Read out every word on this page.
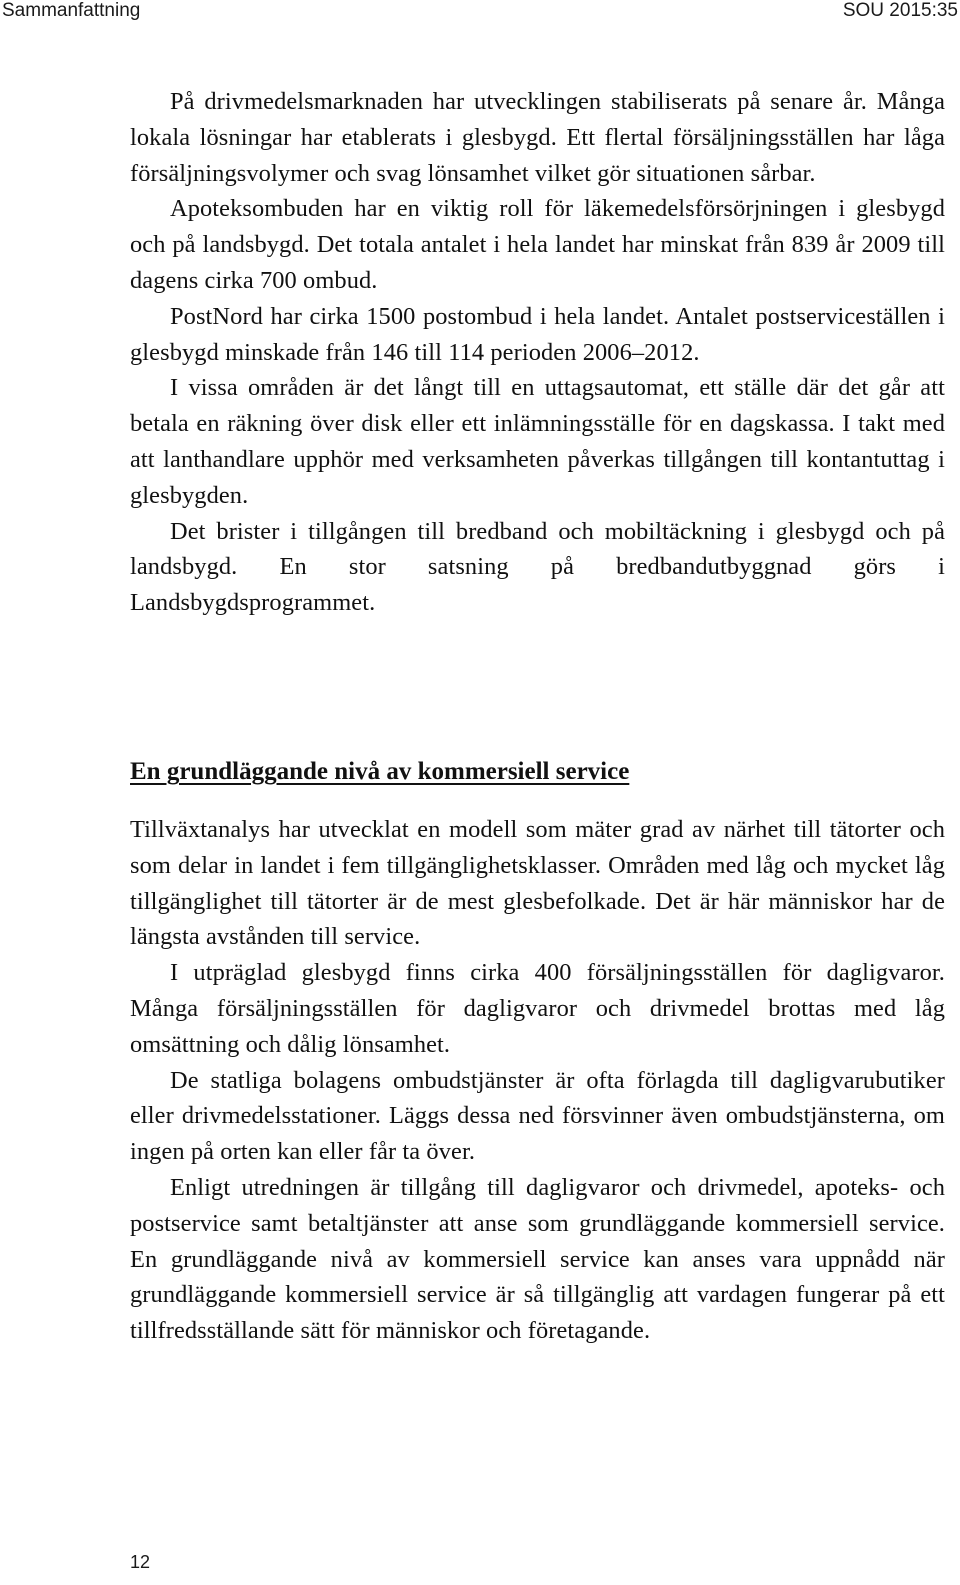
Sammanfattning	SOU 2015:35

På drivmedelsmarknaden har utvecklingen stabiliserats på senare år. Många lokala lösningar har etablerats i glesbygd. Ett flertal försäljningsställen har låga försäljningsvolymer och svag lönsamhet vilket gör situationen sårbar.

Apoteksombuden har en viktig roll för läkemedelsförsörjningen i glesbygd och på landsbygd. Det totala antalet i hela landet har minskat från 839 år 2009 till dagens cirka 700 ombud.

PostNord har cirka 1500 postombud i hela landet. Antalet postserviceställen i glesbygd minskade från 146 till 114 perioden 2006–2012.

I vissa områden är det långt till en uttagsautomat, ett ställe där det går att betala en räkning över disk eller ett inlämningsställe för en dagskassa. I takt med att lanthandlare upphör med verksamheten påverkas tillgången till kontantuttag i glesbygden.

Det brister i tillgången till bredband och mobiltäckning i glesbygd och på landsbygd. En stor satsning på bredbandutbyggnad görs i Landsbygdsprogrammet.

En grundläggande nivå av kommersiell service

Tillväxtanalys har utvecklat en modell som mäter grad av närhet till tätorter och som delar in landet i fem tillgänglighetsklasser. Områden med låg och mycket låg tillgänglighet till tätorter är de mest glesbefolkade. Det är här människor har de längsta avstånden till service.

I utpräglad glesbygd finns cirka 400 försäljningsställen för dagligvaror. Många försäljningsställen för dagligvaror och drivmedel brottas med låg omsättning och dålig lönsamhet.

De statliga bolagens ombudstjänster är ofta förlagda till dagligvarubutiker eller drivmedelsstationer. Läggs dessa ned försvinner även ombudstjänsterna, om ingen på orten kan eller får ta över.

Enligt utredningen är tillgång till dagligvaror och drivmedel, apoteks- och postservice samt betaltjänster att anse som grundläggande kommersiell service. En grundläggande nivå av kommersiell service kan anses vara uppnådd när grundläggande kommersiell service är så tillgänglig att vardagen fungerar på ett tillfredsställande sätt för människor och företagande.

12
